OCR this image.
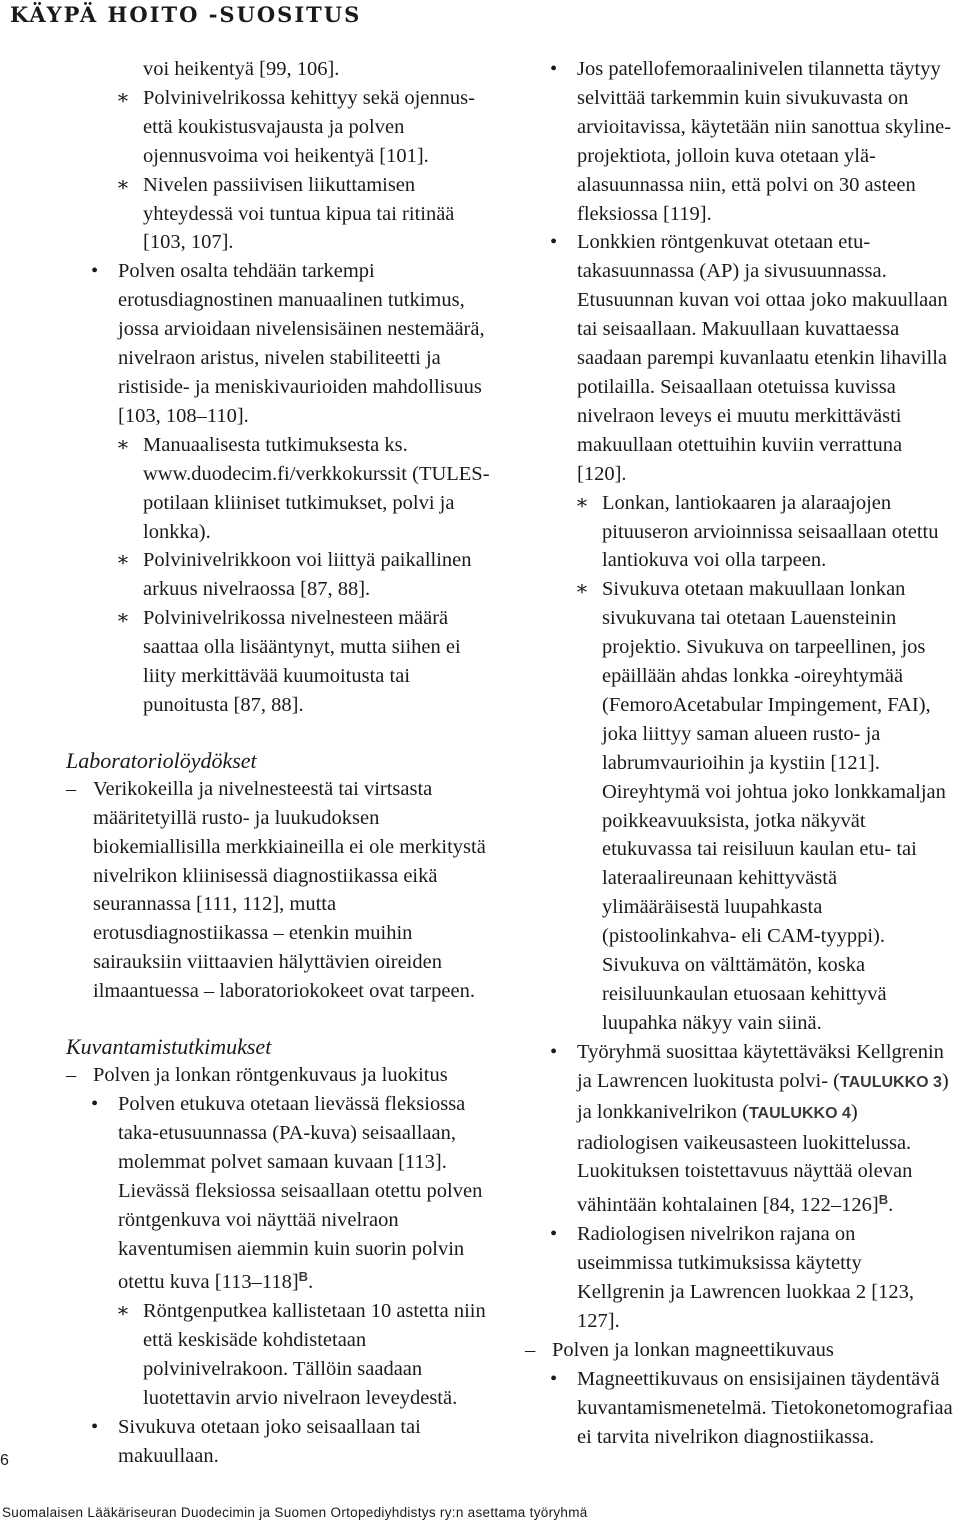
KÄYPÄ HOITO -SUOSITUS

voi heikentyä [99, 106].

∗ Polvinivelrikossa kehittyy sekä ojennus- että koukistusvajausta ja polven ojennusvoima voi heikentyä [101].

∗ Nivelen passiivisen liikuttamisen yhteydessä voi tuntua kipua tai ritinää [103, 107].

• Polven osalta tehdään tarkempi erotusdiagnostinen manuaalinen tutkimus, jossa arvioidaan nivelensisäinen nestemäärä, nivelraon aristus, nivelen stabiliteetti ja ristiside- ja meniskivaurioiden mahdollisuus [103, 108–110].

∗ Manuaalisesta tutkimuksesta ks. www.duodecim.fi/verkkokurssit (TULES-potilaan kliiniset tutkimukset, polvi ja lonkka).

∗ Polvinivelrikkoon voi liittyä paikallinen arkuus nivelraossa [87, 88].

∗ Polvinivelrikossa nivelnesteen määrä saattaa olla lisääntynyt, mutta siihen ei liity merkittävää kuumoitusta tai punoitusta [87, 88].

Laboratoriolöydökset

– Verikokeilla ja nivelnesteestä tai virtsasta määritetyillä rusto- ja luukudoksen biokemiallisilla merkkiaineilla ei ole merkitystä nivelrikon kliinisessä diagnostiikassa eikä seurannassa [111, 112], mutta erotusdiagnostiikassa – etenkin muihin sairauksiin viittaavien hälyttävien oireiden ilmaantuessa – laboratoriokokeet ovat tarpeen.

Kuvantamistutkimukset

– Polven ja lonkan röntgenkuvaus ja luokitus

• Polven etukuva otetaan lievässä fleksiossa taka-etusuunnassa (PA-kuva) seisaallaan, molemmat polvet samaan kuvaan [113]. Lievässä fleksiossa seisaallaan otettu polven röntgenkuva voi näyttää nivelraon kaventumisen aiemmin kuin suorin polvin otettu kuva $[113-118]^B$.

∗ Röntgenputkea kallistetaan 10 astetta niin että keskisäde kohdistetaan polvinivelrakoon. Tällöin saadaan luotettavin arvio nivelraon leveydestä.

• Sivukuva otetaan joko seisaallaan tai makuullaan.

• Jos patellofemoraalinivelen tilannetta täytyy selvittää tarkemmin kuin sivukuvasta on arvioitavissa, käytetään niin sanottua skyline-projektiota, jolloin kuva otetaan ylä-alasuunnassa niin, että polvi on 30 asteen fleksiossa [119].

• Lonkkien röntgenkuvat otetaan etu-takasuunnassa (AP) ja sivusuunnassa. Etusuunnan kuvan voi ottaa joko makuullaan tai seisaallaan. Makuullaan kuvattaessa saadaan parempi kuvanlaatu etenkin lihavilla potilailla. Seisaallaan otetuissa kuvissa nivelraon leveys ei muutu merkittävästi makuullaan otettuihin kuviin verrattuna [120].

∗ Lonkan, lantiokaaren ja alaraajojen pituuseron arvioinnissa seisaallaan otettu lantiokuva voi olla tarpeen.

∗ Sivukuva otetaan makuullaan lonkan sivukuvana tai otetaan Lauensteinin projektio. Sivukuva on tarpeellinen, jos epäillään ahdas lonkka -oireyhtymää (FemoroAcetabular Impingement, FAI), joka liittyy saman alueen rusto- ja labrumvaurioihin ja kystiin [121]. Oireyhtymä voi johtua joko lonkkamaljan poikkeavuuksista, jotka näkyvät etukuvassa tai reisiluun kaulan etu- tai lateraalireunaan kehittyvästä ylimääräisestä luupahkasta (pistoolinkahva- eli CAM-tyyppi).

Sivukuva on välttämätön, koska reisiluunkaulan etuosaan kehittyvä luupahka näkyy vain siinä.

• Työryhmä suosittaa käytettäväksi Kellgrenin ja Lawrencen luokitusta polvi- (TAULUKKO 3) ja lonkkanivelrikon (TAULUKKO 4) radiologisen vaikeusasteen luokittelussa. Luokituksen toistettavuus näyttää olevan vähintään kohtalainen [84, 122–126]$^B$.

• Radiologisen nivelrikon rajana on useimmissa tutkimuksissa käytetty Kellgrenin ja Lawrencen luokkaa 2 [123, 127].

– Polven ja lonkan magneettikuvaus

• Magneettikuvaus on ensisijainen täydentävä kuvantamismenetelmä. Tietokonetomografiaa ei tarvita nivelrikon diagnostiikassa.

6
Suomalaisen Lääkäriseuran Duodecimin ja Suomen Ortopediyhdistys ry:n asettama työryhmä
